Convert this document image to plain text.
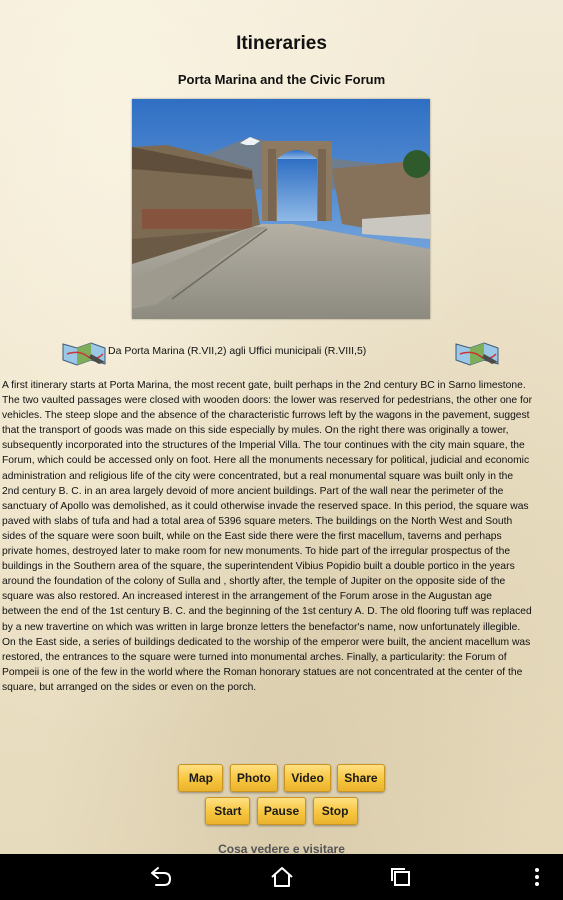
Itineraries
Porta Marina and the Civic Forum
Da Porta Marina (R.VII,2) agli Uffici municipali (R.VIII,5)
A first itinerary starts at Porta Marina, the most recent gate, built perhaps in the 2nd century BC in Sarno limestone. The two vaulted passages were closed with wooden doors: the lower was reserved for pedestrians, the other one for vehicles. The steep slope and the absence of the characteristic furrows left by the wagons in the pavement, suggest that the transport of goods was made on this side especially by mules. On the right there was originally a tower, subsequently incorporated into the structures of the Imperial Villa. The tour continues with the city main square, the Forum, which could be accessed only on foot. Here all the monuments necessary for political, judicial and economic administration and religious life of the city were concentrated, but a real monumental square was built only in the 2nd century B. C. in an area largely devoid of more ancient buildings. Part of the wall near the perimeter of the sanctuary of Apollo was demolished, as it could otherwise invade the reserved space. In this period, the square was paved with slabs of tufa and had a total area of 5396 square meters. The buildings on the North West and South sides of the square were soon built, while on the East side there were the first macellum, taverns and perhaps private homes, destroyed later to make room for new monuments. To hide part of the irregular prospectus of the buildings in the Southern area of the square, the superintendent Vibius Popidio built a double portico in the years around the foundation of the colony of Sulla and , shortly after, the temple of Jupiter on the opposite side of the square was also restored. An increased interest in the arrangement of the Forum arose in the Augustan age between the end of the 1st century B. C. and the beginning of the 1st century A. D. The old flooring tuff was replaced by a new travertine on which was written in large bronze letters the benefactor's name, now unfortunately illegible. On the East side, a series of buildings dedicated to the worship of the emperor were built, the ancient macellum was restored, the entrances to the square were turned into monumental arches. Finally, a particularity: the Forum of Pompeii is one of the few in the world where the Roman honorary statues are not concentrated at the center of the square, but arranged on the sides or even on the porch.
Map Photo Video Share
Start Pause Stop
Cosa vedere e visitare
